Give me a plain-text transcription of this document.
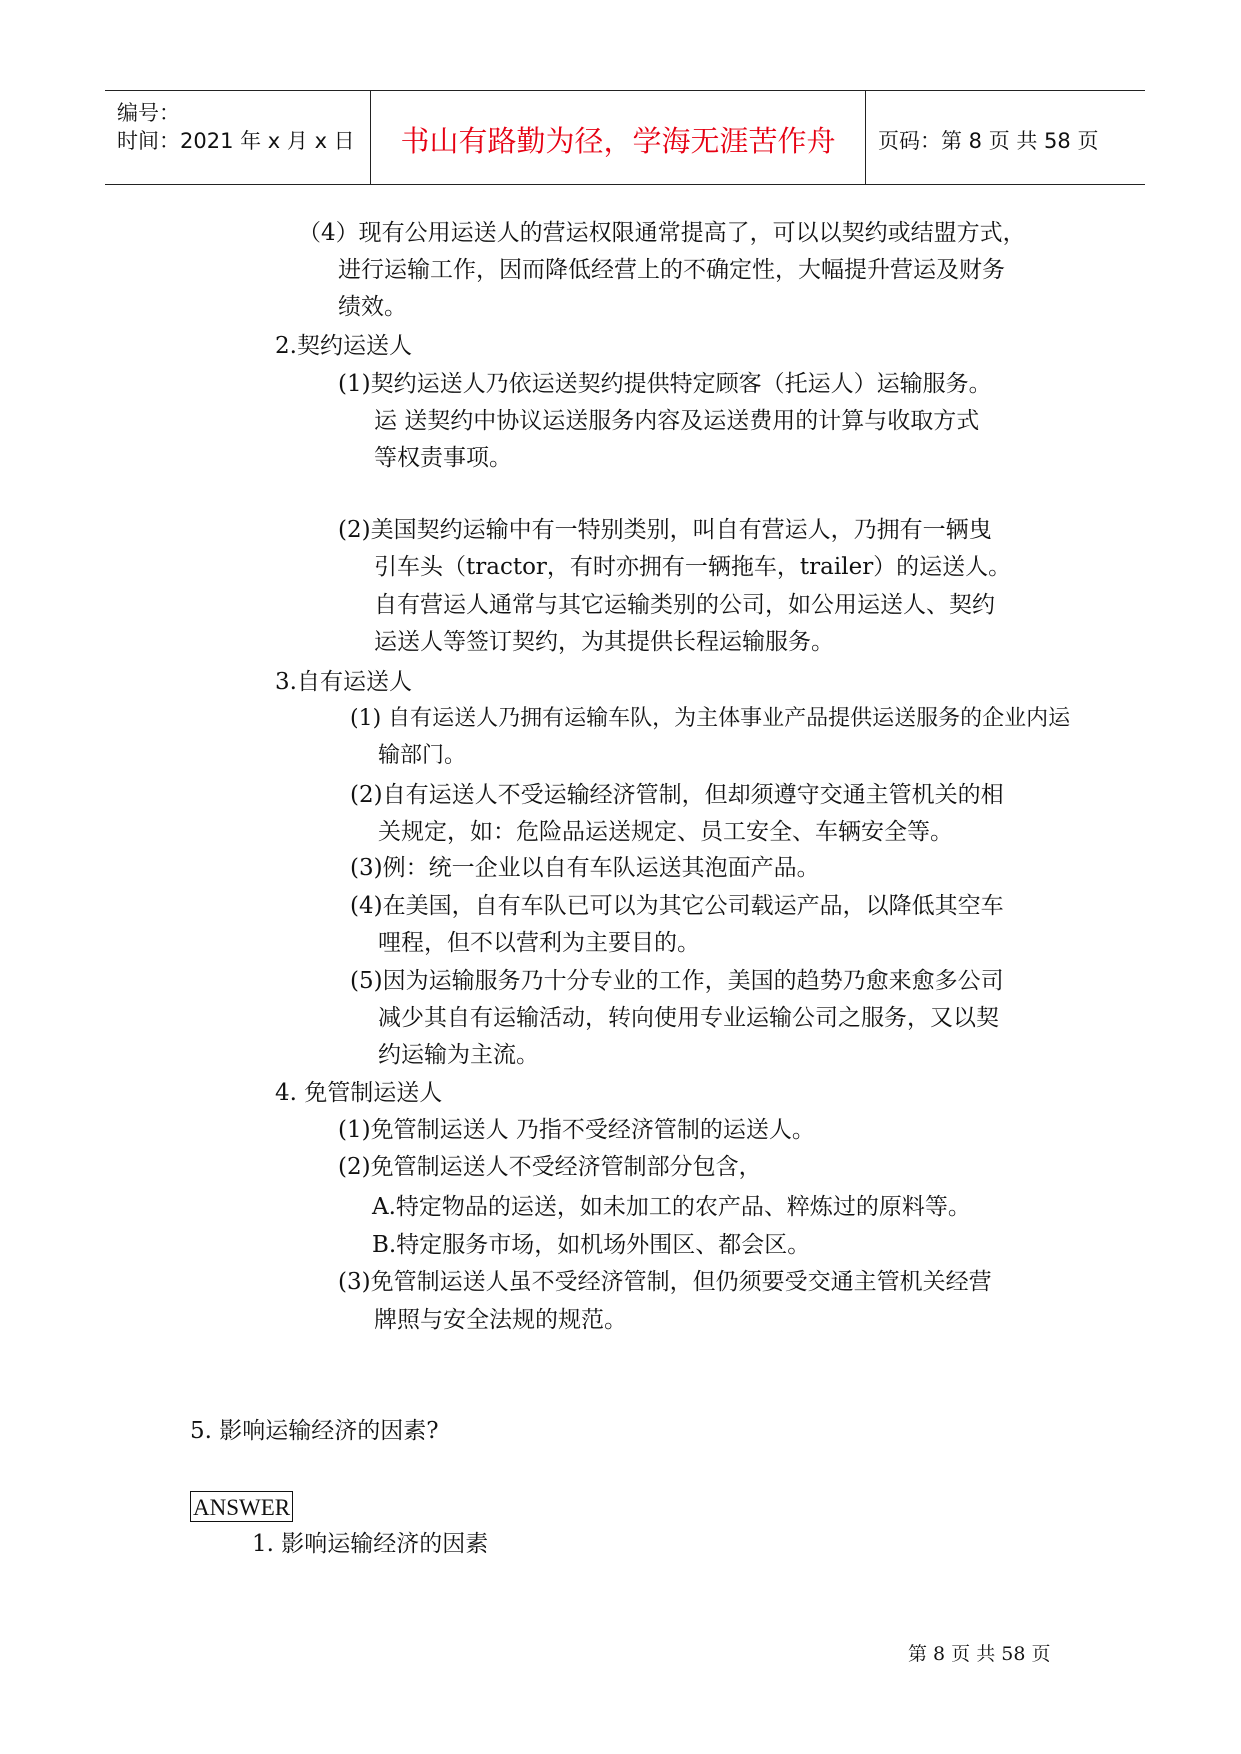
编号：
时间：2021 年 x 月 x 日	书山有路勤为径，学海无涯苦作舟	页码：第 8 页 共 58 页
（4）现有公用运送人的营运权限通常提高了，可以以契约或结盟方式，
进行运输工作，因而降低经营上的不确定性，大幅提升营运及财务
绩效。
2.契约运送人
(1)契约运送人乃依运送契约提供特定顾客（托运人）运输服务。
运 送契约中协议运送服务内容及运送费用的计算与收取方式
等权责事项。
(2)美国契约运输中有一特别类别，叫自有营运人，乃拥有一辆曳
引车头（tractor，有时亦拥有一辆拖车，trailer）的运送人。
自有营运人通常与其它运输类别的公司，如公用运送人、契约
运送人等签订契约，为其提供长程运输服务。
3.自有运送人
(1) 自有运送人乃拥有运输车队，为主体事业产品提供运送服务的企业内运
输部门。
(2)自有运送人不受运输经济管制，但却须遵守交通主管机关的相
关规定，如：危险品运送规定、员工安全、车辆安全等。
(3)例：统一企业以自有车队运送其泡面产品。
(4)在美国，自有车队已可以为其它公司载运产品，以降低其空车
哩程，但不以营利为主要目的。
(5)因为运输服务乃十分专业的工作，美国的趋势乃愈来愈多公司
减少其自有运输活动，转向使用专业运输公司之服务，又以契
约运输为主流。
4. 免管制运送人
(1)免管制运送人 乃指不受经济管制的运送人。
(2)免管制运送人不受经济管制部分包含，
A.特定物品的运送，如未加工的农产品、粹炼过的原料等。
B.特定服务市场，如机场外围区、都会区。
(3)免管制运送人虽不受经济管制，但仍须要受交通主管机关经营
牌照与安全法规的规范。
5. 影响运输经济的因素?
ANSWER
1. 影响运输经济的因素
第 8 页 共 58 页
